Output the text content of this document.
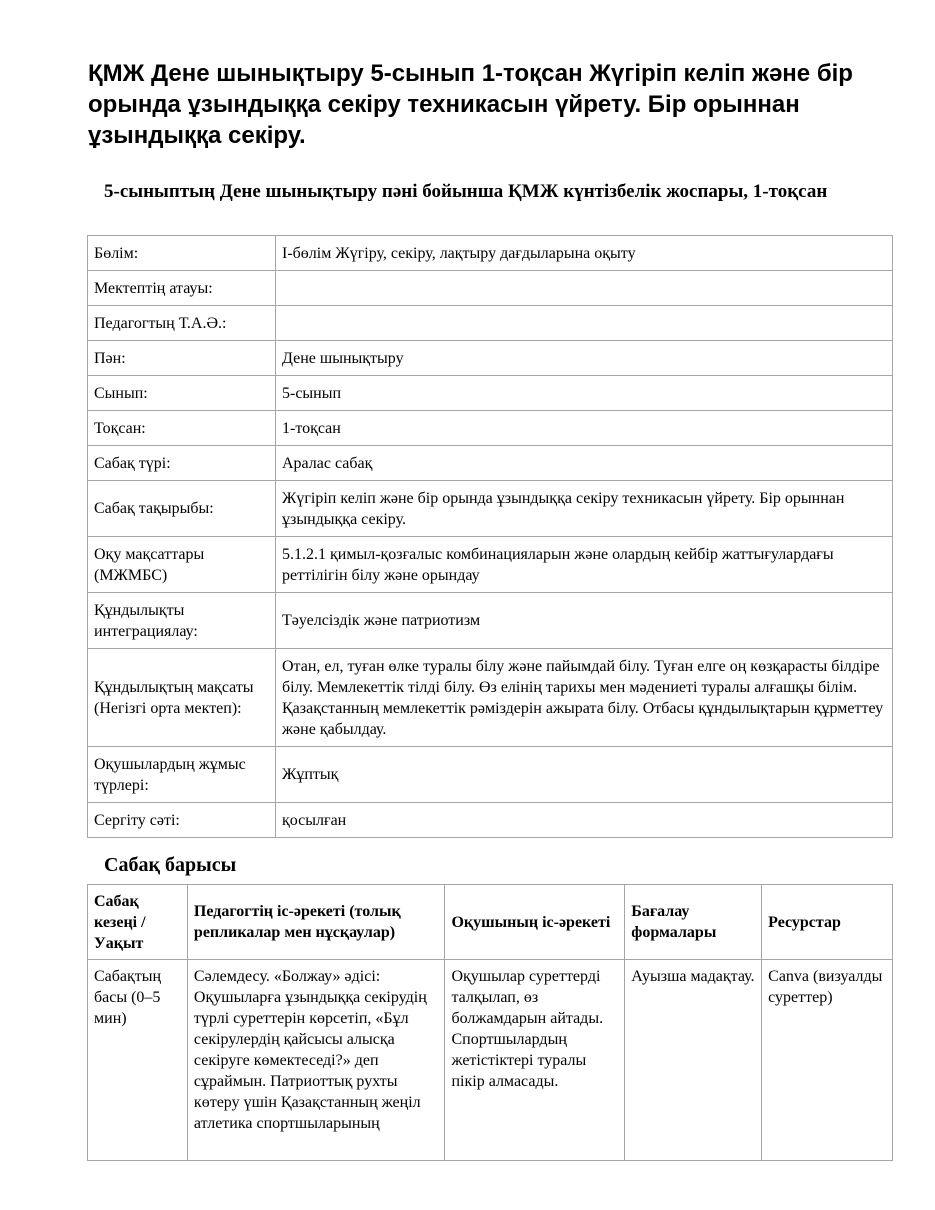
ҚМЖ Дене шынықтыру 5-сынып 1-тоқсан Жүгіріп келіп және бір орында ұзындыққа секіру техникасын үйрету. Бір орыннан ұзындыққа секіру.

5-сыныптың Дене шынықтыру пәні бойынша ҚМЖ күнтізбелік жоспары, 1-тоқсан

Бөлім:	I-бөлім Жүгіру, секіру, лақтыру дағдыларына оқыту
Мектептің атауы:	
Педагогтың Т.А.Ә.:	
Пән:	Дене шынықтыру
Сынып:	5-сынып
Тоқсан:	1-тоқсан
Сабақ түрі:	Аралас сабақ
Сабақ тақырыбы:	Жүгіріп келіп және бір орында ұзындыққа секіру техникасын үйрету. Бір орыннан ұзындыққа секіру.
Оқу мақсаттары (МЖМБС)	5.1.2.1 қимыл-қозғалыс комбинацияларын және олардың кейбір жаттығулардағы реттілігін білу және орындау
Құндылықты интеграциялау:	Тәуелсіздік және патриотизм
Құндылықтың мақсаты (Негізгі орта мектеп):	Отан, ел, туған өлке туралы білу және пайымдай білу. Туған елге оң көзқарасты білдіре білу. Мемлекеттік тілді білу. Өз елінің тарихы мен мәдениеті туралы алғашқы білім. Қазақстанның мемлекеттік рәміздерін ажырата білу. Отбасы құндылықтарын құрметтеу және қабылдау.
Оқушылардың жұмыс түрлері:	Жұптық
Сергіту сәті:	қосылған
Сабақ барысы
Сабақ кезеңі / Уақыт	Педагогтің іс-әрекеті (толық репликалар мен нұсқаулар)	Оқушының іс-әрекеті	Бағалау формалары	Ресурстар
Сабақтың басы (0–5 мин)	Сәлемдесу. «Болжау» әдісі: Оқушыларға ұзындыққа секірудің түрлі суреттерін көрсетіп, «Бұл секірулердің қайсысы алысқа секіруге көмектеседі?» деп сұраймын. Патриоттық рухты көтеру үшін Қазақстанның жеңіл атлетика спортшыларының	Оқушылар суреттерді талқылап, өз болжамдарын айтады. Спортшылардың жетістіктері туралы пікір алмасады.	Ауызша мадақтау.	Canva (визуалды суреттер)
